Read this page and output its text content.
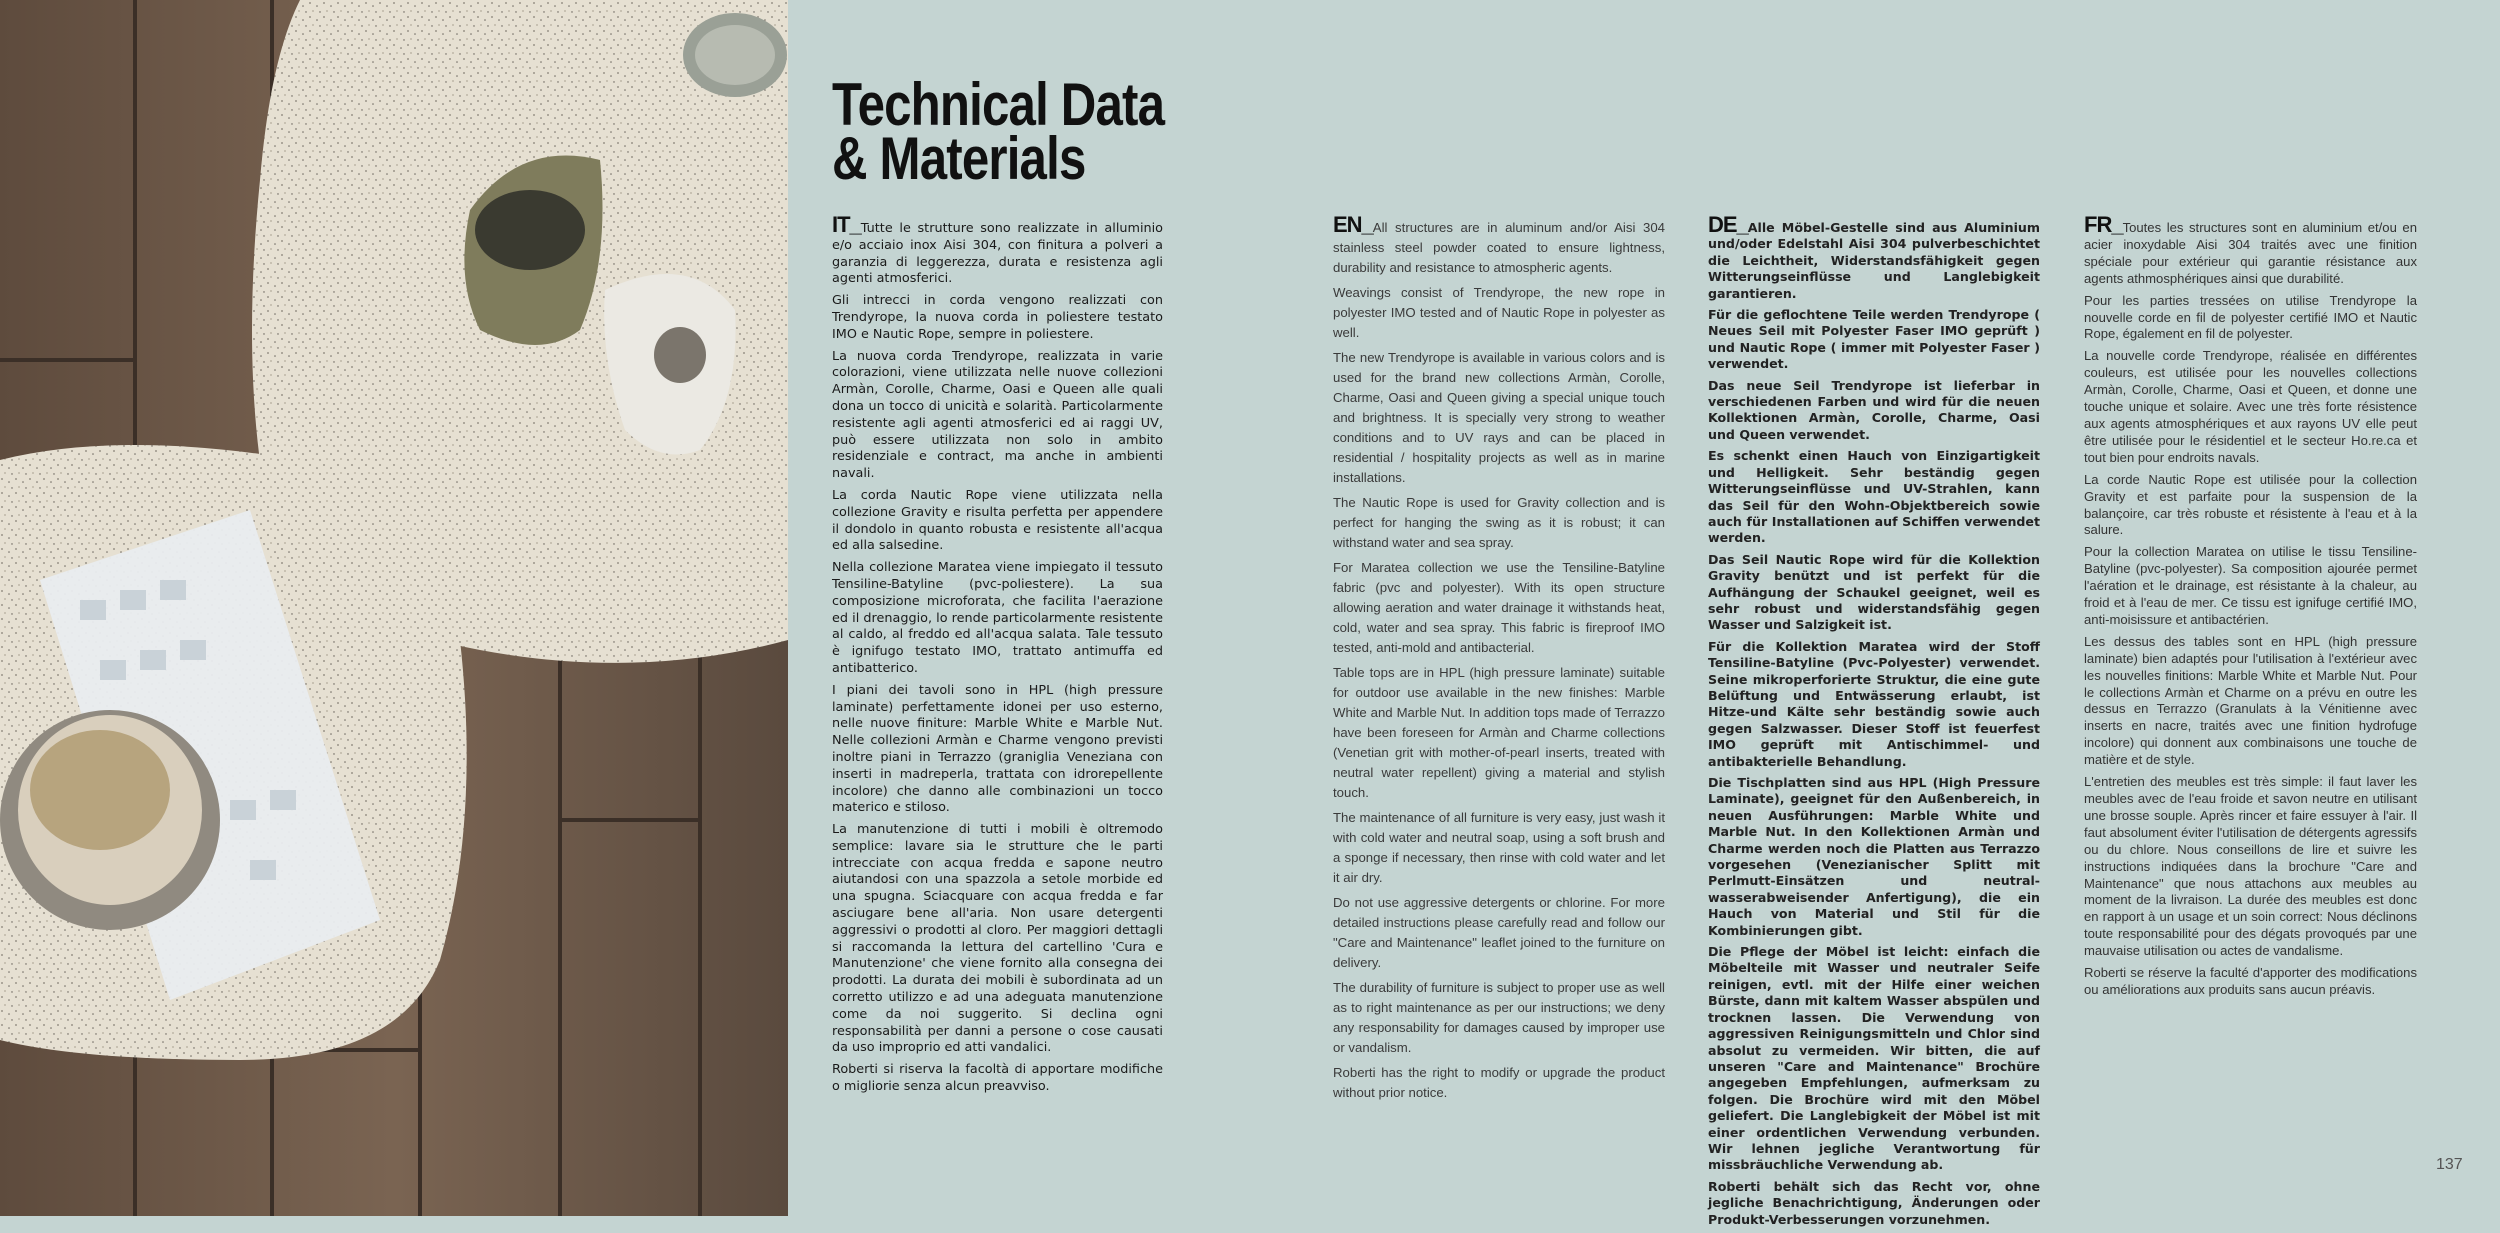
Technical Data
& Materials

IT_Tutte le strutture sono realizzate in alluminio e/o acciaio inox Aisi 304, con finitura a polveri a garanzia di leggerezza, durata e resistenza agli agenti atmosferici.

Gli intrecci in corda vengono realizzati con Trendyrope, la nuova corda in poliestere testato IMO e Nautic Rope, sempre in poliestere.

La nuova corda Trendyrope, realizzata in varie colorazioni, viene utilizzata nelle nuove collezioni Armàn, Corolle, Charme, Oasi e Queen alle quali dona un tocco di unicità e solarità. Particolarmente resistente agli agenti atmosferici ed ai raggi UV, può essere utilizzata non solo in ambito residenziale e contract, ma anche in ambienti navali.

La corda Nautic Rope viene utilizzata nella collezione Gravity e risulta perfetta per appendere il dondolo in quanto robusta e resistente all'acqua ed alla salsedine.

Nella collezione Maratea viene impiegato il tessuto Tensiline-Batyline (pvc-poliestere). La sua composizione microforata, che facilita l'aerazione ed il drenaggio, lo rende particolarmente resistente al caldo, al freddo ed all'acqua salata. Tale tessuto è ignifugo testato IMO, trattato antimuffa ed antibatterico.

I piani dei tavoli sono in HPL (high pressure laminate) perfettamente idonei per uso esterno, nelle nuove finiture: Marble White e Marble Nut. Nelle collezioni Armàn e Charme vengono previsti inoltre piani in Terrazzo (graniglia Veneziana con inserti in madreperla, trattata con idrorepellente incolore) che danno alle combinazioni un tocco materico e stiloso.

La manutenzione di tutti i mobili è oltremodo semplice: lavare sia le strutture che le parti intrecciate con acqua fredda e sapone neutro aiutandosi con una spazzola a setole morbide ed una spugna. Sciacquare con acqua fredda e far asciugare bene all'aria. Non usare detergenti aggressivi o prodotti al cloro. Per maggiori dettagli si raccomanda la lettura del cartellino 'Cura e Manutenzione' che viene fornito alla consegna dei prodotti. La durata dei mobili è subordinata ad un corretto utilizzo e ad una adeguata manutenzione come da noi suggerito. Si declina ogni responsabilità per danni a persone o cose causati da uso improprio ed atti vandalici.

Roberti si riserva la facoltà di apportare modifiche o migliorie senza alcun preavviso.

EN_All structures are in aluminum and/or Aisi 304 stainless steel powder coated to ensure lightness, durability and resistance to atmospheric agents.

Weavings consist of Trendyrope, the new rope in polyester IMO tested and of Nautic Rope in polyester as well.

The new Trendyrope is available in various colors and is used for the brand new collections Armàn, Corolle, Charme, Oasi and Queen giving a special unique touch and brightness. It is specially very strong to weather conditions and to UV rays and can be placed in residential / hospitality projects as well as in marine installations.

The Nautic Rope is used for Gravity collection and is perfect for hanging the swing as it is robust; it can withstand water and sea spray.

For Maratea collection we use the Tensiline-Batyline fabric (pvc and polyester). With its open structure allowing aeration and water drainage it withstands heat, cold, water and sea spray. This fabric is fireproof IMO tested, anti-mold and antibacterial.

Table tops are in HPL (high pressure laminate) suitable for outdoor use available in the new finishes: Marble White and Marble Nut. In addition tops made of Terrazzo have been foreseen for Armàn and Charme collections (Venetian grit with mother-of-pearl inserts, treated with neutral water repellent) giving a material and stylish touch.

The maintenance of all furniture is very easy, just wash it with cold water and neutral soap, using a soft brush and a sponge if necessary, then rinse with cold water and let it air dry.

Do not use aggressive detergents or chlorine. For more detailed instructions please carefully read and follow our "Care and Maintenance" leaflet joined to the furniture on delivery.

The durability of furniture is subject to proper use as well as to right maintenance as per our instructions; we deny any responsability for damages caused by improper use or vandalism.

Roberti has the right to modify or upgrade the product without prior notice.

DE_Alle Möbel-Gestelle sind aus Aluminium und/oder Edelstahl Aisi 304 pulverbeschichtet die Leichtheit, Widerstandsfähigkeit gegen Witterungseinflüsse und Langlebigkeit garantieren.

Für die geflochtene Teile werden Trendyrope ( Neues Seil mit Polyester Faser IMO geprüft ) und Nautic Rope ( immer mit Polyester Faser ) verwendet.

Das neue Seil Trendyrope ist lieferbar in verschiedenen Farben und wird für die neuen Kollektionen Armàn, Corolle, Charme, Oasi und Queen verwendet.

Es schenkt einen Hauch von Einzigartigkeit und Helligkeit. Sehr beständig gegen Witterungseinflüsse und UV-Strahlen, kann das Seil für den Wohn-Objektbereich sowie auch für Installationen auf Schiffen verwendet werden.

Das Seil Nautic Rope wird für die Kollektion Gravity benützt und ist perfekt für die Aufhängung der Schaukel geeignet, weil es sehr robust und widerstandsfähig gegen Wasser und Salzigkeit ist.

Für die Kollektion Maratea wird der Stoff Tensiline-Batyline (Pvc-Polyester) verwendet. Seine mikroperforierte Struktur, die eine gute Belüftung und Entwässerung erlaubt, ist Hitze-und Kälte sehr beständig sowie auch gegen Salzwasser. Dieser Stoff ist feuerfest IMO geprüft mit Antischimmel- und antibakterielle Behandlung.

Die Tischplatten sind aus HPL (High Pressure Laminate), geeignet für den Außenbereich, in neuen Ausführungen: Marble White und Marble Nut. In den Kollektionen Armàn und Charme werden noch die Platten aus Terrazzo vorgesehen (Venezianischer Splitt mit Perlmutt-Einsätzen und neutral-wasserabweisender Anfertigung), die ein Hauch von Material und Stil für die Kombinierungen gibt.

Die Pflege der Möbel ist leicht: einfach die Möbelteile mit Wasser und neutraler Seife reinigen, evtl. mit der Hilfe einer weichen Bürste, dann mit kaltem Wasser abspülen und trocknen lassen. Die Verwendung von aggressiven Reinigungsmitteln und Chlor sind absolut zu vermeiden. Wir bitten, die auf unseren "Care and Maintenance" Brochüre angegeben Empfehlungen, aufmerksam zu folgen. Die Brochüre wird mit den Möbel geliefert. Die Langlebigkeit der Möbel ist mit einer ordentlichen Verwendung verbunden. Wir lehnen jegliche Verantwortung für missbräuchliche Verwendung ab.

Roberti behält sich das Recht vor, ohne jegliche Benachrichtigung, Änderungen oder Produkt-Verbesserungen vorzunehmen.

FR_Toutes les structures sont en aluminium et/ou en acier inoxydable Aisi 304 traités avec une finition spéciale pour extérieur qui garantie résistance aux agents athmosphériques ainsi que durabilité.

Pour les parties tressées on utilise Trendyrope la nouvelle corde en fil de polyester certifié IMO et Nautic Rope, également en fil de polyester.

La nouvelle corde Trendyrope, réalisée en différentes couleurs, est utilisée pour les nouvelles collections Armàn, Corolle, Charme, Oasi et Queen, et donne une touche unique et solaire. Avec une très forte résistence aux agents atmosphériques et aux rayons UV elle peut être utilisée pour le résidentiel et le secteur Ho.re.ca et tout bien pour endroits navals.

La corde Nautic Rope est utilisée pour la collection Gravity et est parfaite pour la suspension de la balançoire, car très robuste et résistente à l'eau et à la salure.

Pour la collection Maratea on utilise le tissu Tensiline-Batyline (pvc-polyester). Sa composition ajourée permet l'aération et le drainage, est résistante à la chaleur, au froid et à l'eau de mer. Ce tissu est ignifuge certifié IMO, anti-moisissure et antibactérien.

Les dessus des tables sont en HPL (high pressure laminate) bien adaptés pour l'utilisation à l'extérieur avec les nouvelles finitions: Marble White et Marble Nut. Pour le collections Armàn et Charme on a prévu en outre les dessus en Terrazzo (Granulats à la Vénitienne avec inserts en nacre, traités avec une finition hydrofuge incolore) qui donnent aux combinaisons une touche de matière et de style.

L'entretien des meubles est très simple: il faut laver les meubles avec de l'eau froide et savon neutre en utilisant une brosse souple. Après rincer et faire essuyer à l'air. Il faut absolument éviter l'utilisation de détergents agressifs ou du chlore. Nous conseillons de lire et suivre les instructions indiquées dans la brochure "Care and Maintenance" que nous attachons aux meubles au moment de la livraison. La durée des meubles est donc en rapport à un usage et un soin correct: Nous déclinons toute responsabilité pour des dégats provoqués par une mauvaise utilisation ou actes de vandalisme.

Roberti se réserve la faculté d'apporter des modifications ou améliorations aux produits sans aucun préavis.

137
